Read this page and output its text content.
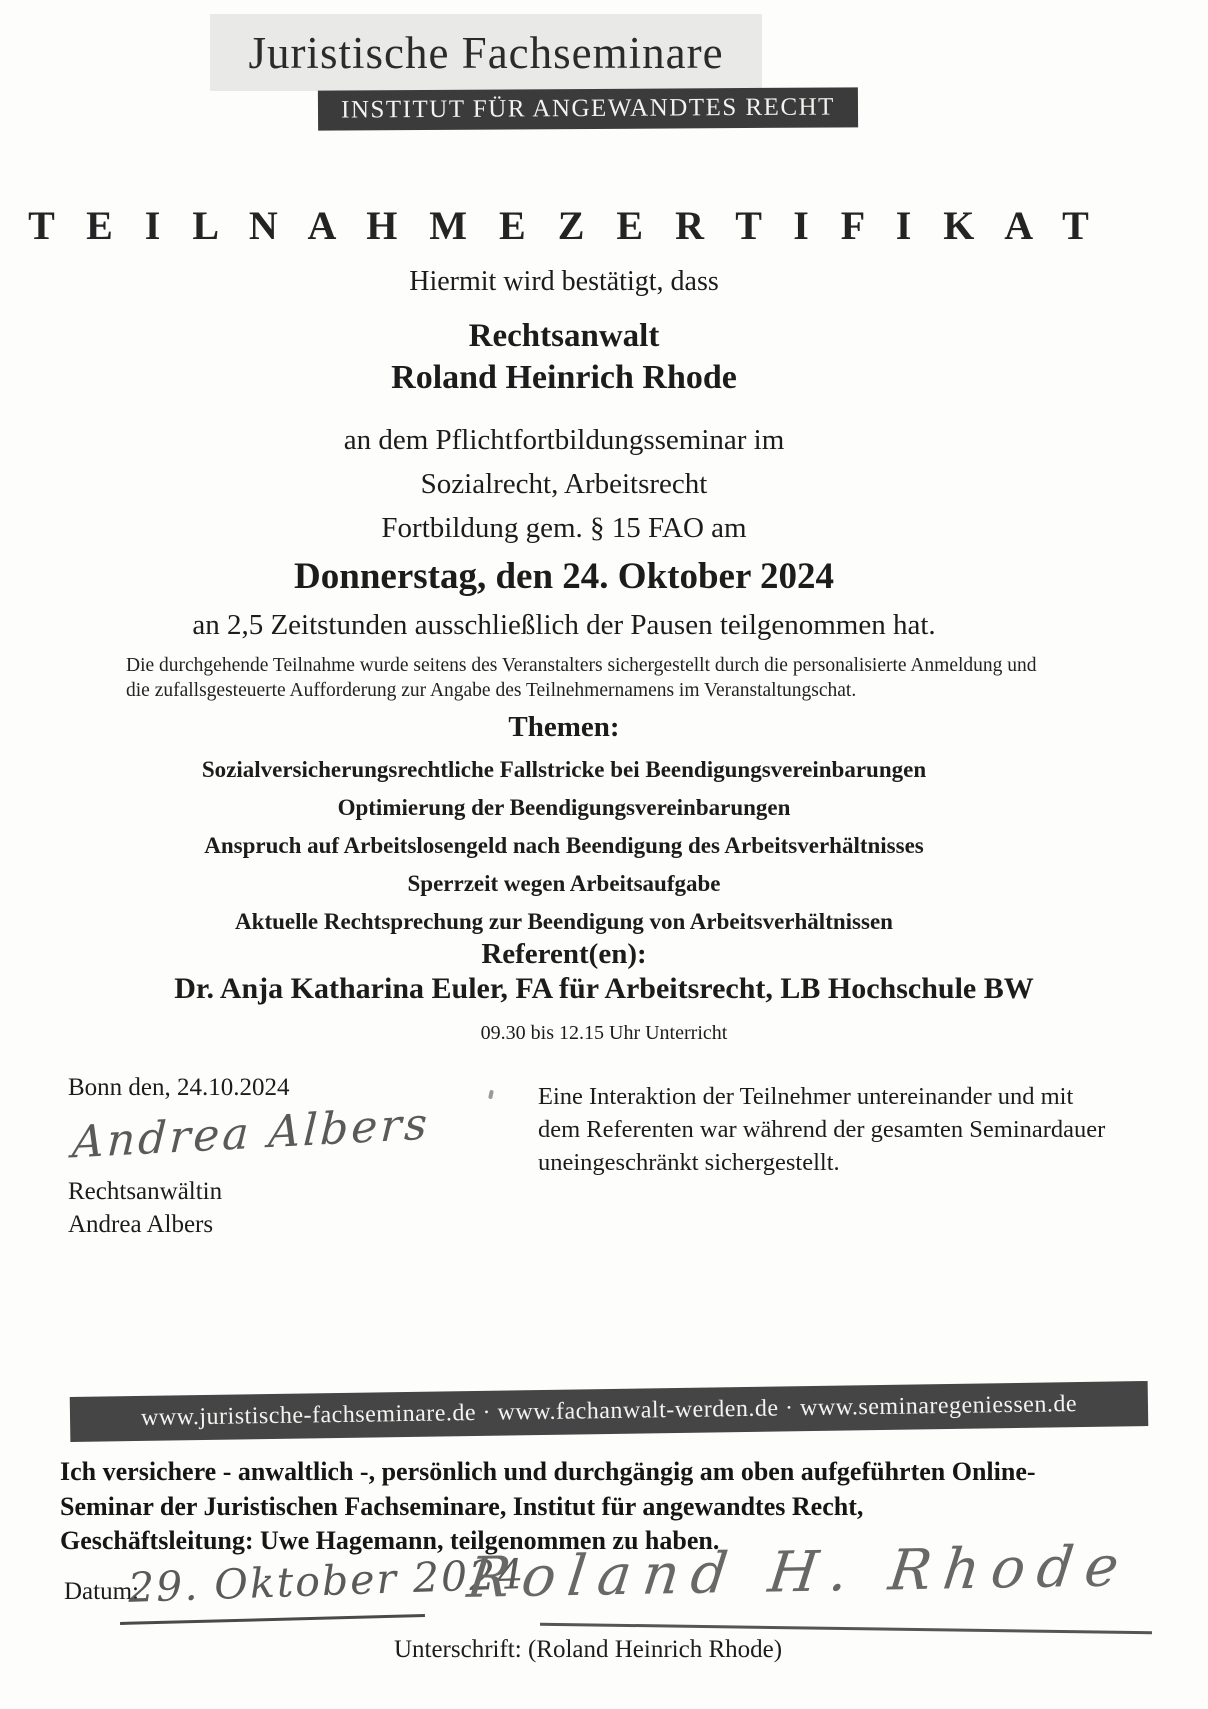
Juristische Fachseminare
INSTITUT FÜR ANGEWANDTES RECHT
T E I L N A H M E Z E R T I F I K A T
Hiermit wird bestätigt, dass
Rechtsanwalt
Roland Heinrich Rhode
an dem Pflichtfortbildungsseminar im
Sozialrecht, Arbeitsrecht
Fortbildung gem. § 15 FAO am
Donnerstag, den 24. Oktober 2024
an 2,5 Zeitstunden ausschließlich der Pausen teilgenommen hat.
Die durchgehende Teilnahme wurde seitens des Veranstalters sichergestellt durch die personalisierte Anmeldung und die zufallsgesteuerte Aufforderung zur Angabe des Teilnehmernamens im Veranstaltungschat.
Themen:
Sozialversicherungsrechtliche Fallstricke bei Beendigungsvereinbarungen
Optimierung der Beendigungsvereinbarungen
Anspruch auf Arbeitslosengeld nach Beendigung des Arbeitsverhältnisses
Sperrzeit wegen Arbeitsaufgabe
Aktuelle Rechtsprechung zur Beendigung von Arbeitsverhältnissen
Referent(en):
Dr. Anja Katharina Euler, FA für Arbeitsrecht, LB Hochschule BW
09.30 bis 12.15 Uhr Unterricht
Bonn den, 24.10.2024
Andrea Albers
Rechtsanwältin
Andrea Albers
Eine Interaktion der Teilnehmer untereinander und mit dem Referenten war während der gesamten Seminardauer uneingeschränkt sichergestellt.
www.juristische-fachseminare.de · www.fachanwalt-werden.de · www.seminaregeniessen.de
Ich versichere - anwaltlich -, persönlich und durchgängig am oben aufgeführten Online-Seminar der Juristischen Fachseminare, Institut für angewandtes Recht, Geschäftsleitung: Uwe Hagemann, teilgenommen zu haben.
Datum:
29. Oktober 2024
Roland H. Rhode
Unterschrift: (Roland Heinrich Rhode)
